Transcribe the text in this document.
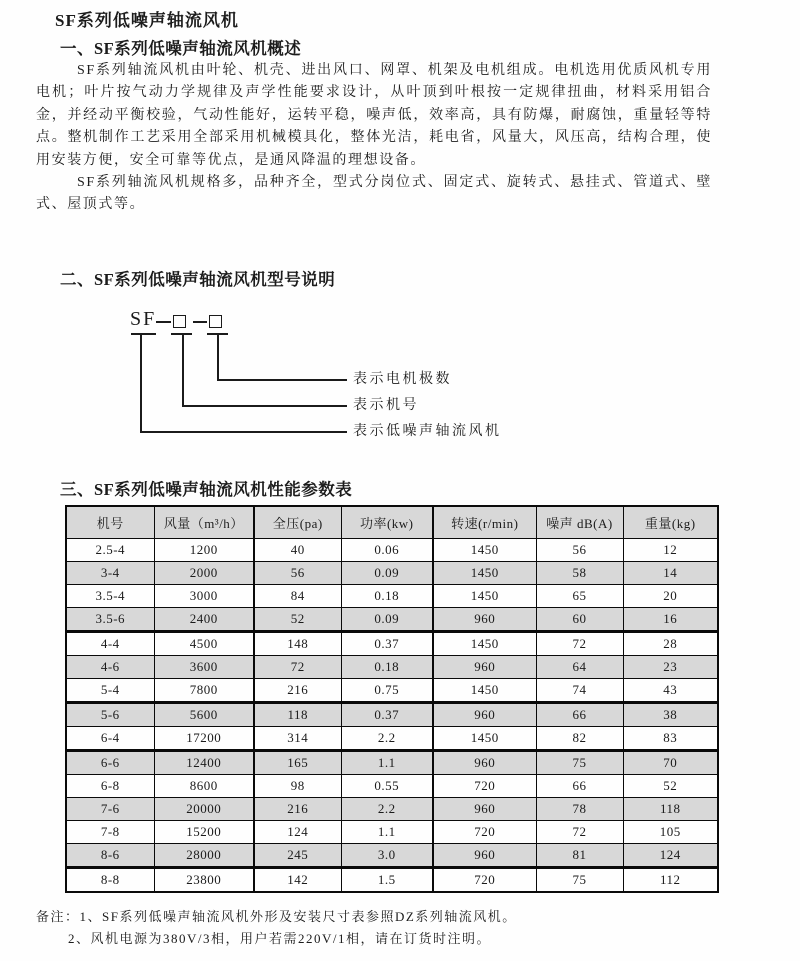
SF系列低噪声轴流风机
一、SF系列低噪声轴流风机概述

SF系列轴流风机由叶轮、机壳、进出风口、网罩、机架及电机组成。电机选用优质风机专用电机；叶片按气动力学规律及声学性能要求设计，从叶顶到叶根按一定规律扭曲，材料采用铝合金，并经动平衡校验，气动性能好，运转平稳，噪声低，效率高，具有防爆，耐腐蚀，重量轻等特点。整机制作工艺采用全部采用机械模具化，整体光洁，耗电省，风量大，风压高，结构合理，使用安装方便，安全可靠等优点，是通风降温的理想设备。

SF系列轴流风机规格多，品种齐全，型式分岗位式、固定式、旋转式、悬挂式、管道式、壁式、屋顶式等。

二、SF系列低噪声轴流风机型号说明
SF
表示电机极数
表示机号
表示低噪声轴流风机
三、SF系列低噪声轴流风机性能参数表
机号	风量（m³/h）	全压(pa)	功率(kw)	转速(r/min)	噪声 dB(A)	重量(kg)
2.5-4	1200	40	0.06	1450	56	12
3-4	2000	56	0.09	1450	58	14
3.5-4	3000	84	0.18	1450	65	20
3.5-6	2400	52	0.09	960	60	16
4-4	4500	148	0.37	1450	72	28
4-6	3600	72	0.18	960	64	23
5-4	7800	216	0.75	1450	74	43
5-6	5600	118	0.37	960	66	38
6-4	17200	314	2.2	1450	82	83
6-6	12400	165	1.1	960	75	70
6-8	8600	98	0.55	720	66	52
7-6	20000	216	2.2	960	78	118
7-8	15200	124	1.1	720	72	105
8-6	28000	245	3.0	960	81	124
8-8	23800	142	1.5	720	75	112
备注：1、SF系列低噪声轴流风机外形及安装尺寸表参照DZ系列轴流风机。
2、风机电源为380V/3相，用户若需220V/1相，请在订货时注明。
